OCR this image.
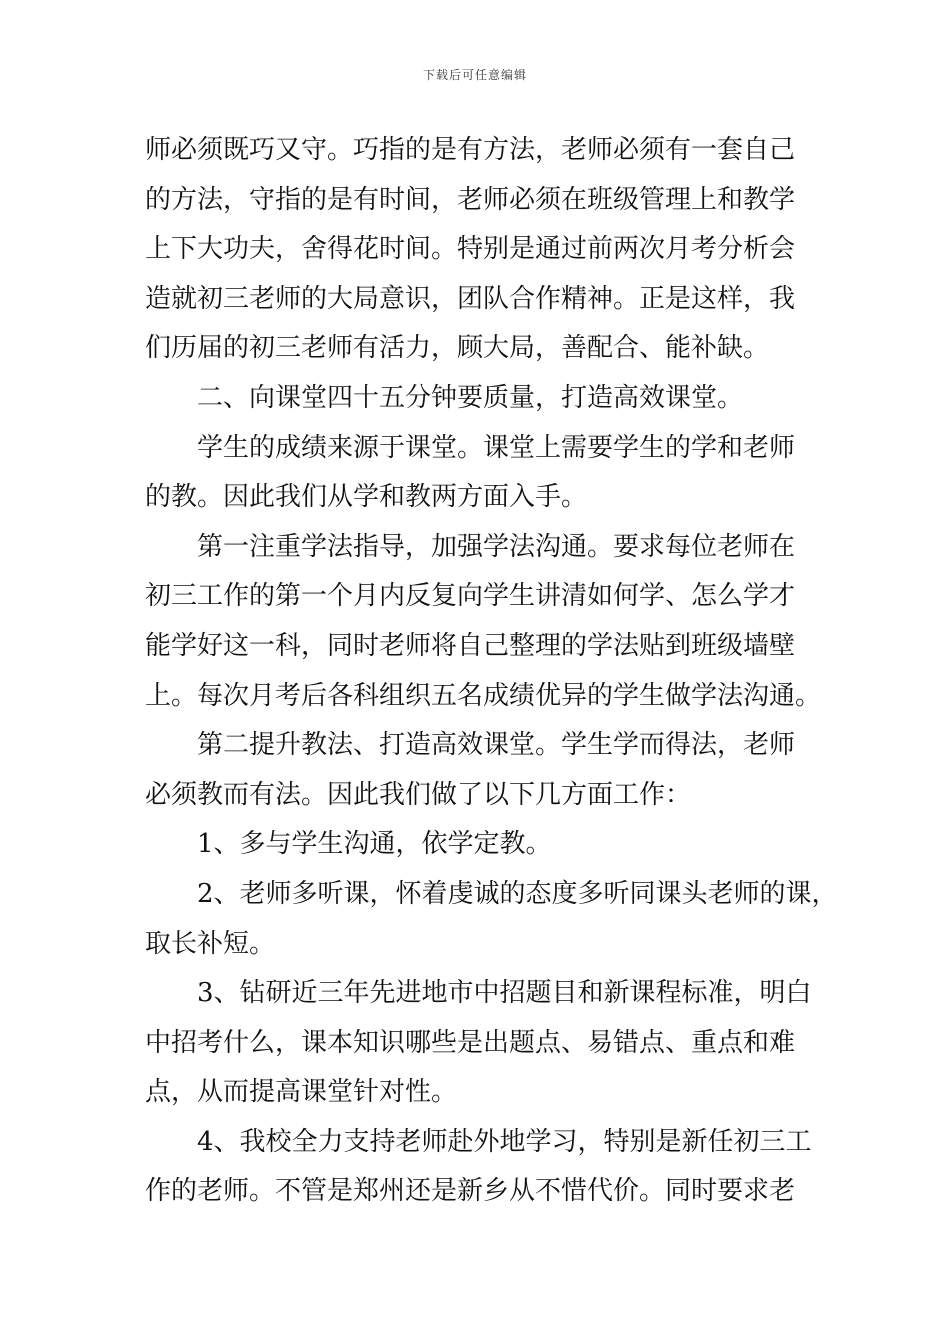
下载后可任意编辑
师必须既巧又守。巧指的是有方法，老师必须有一套自己
的方法，守指的是有时间，老师必须在班级管理上和教学
上下大功夫，舍得花时间。特别是通过前两次月考分析会
造就初三老师的大局意识，团队合作精神。正是这样，我
们历届的初三老师有活力，顾大局，善配合、能补缺。
二、向课堂四十五分钟要质量，打造高效课堂。
学生的成绩来源于课堂。课堂上需要学生的学和老师
的教。因此我们从学和教两方面入手。
第一注重学法指导，加强学法沟通。要求每位老师在
初三工作的第一个月内反复向学生讲清如何学、怎么学才
能学好这一科，同时老师将自己整理的学法贴到班级墙壁
上。每次月考后各科组织五名成绩优异的学生做学法沟通。
第二提升教法、打造高效课堂。学生学而得法，老师
必须教而有法。因此我们做了以下几方面工作：
1、多与学生沟通，依学定教。
2、老师多听课，怀着虔诚的态度多听同课头老师的课，
取长补短。
3、钻研近三年先进地市中招题目和新课程标准，明白
中招考什么，课本知识哪些是出题点、易错点、重点和难
点，从而提高课堂针对性。
4、我校全力支持老师赴外地学习，特别是新任初三工
作的老师。不管是郑州还是新乡从不惜代价。同时要求老
